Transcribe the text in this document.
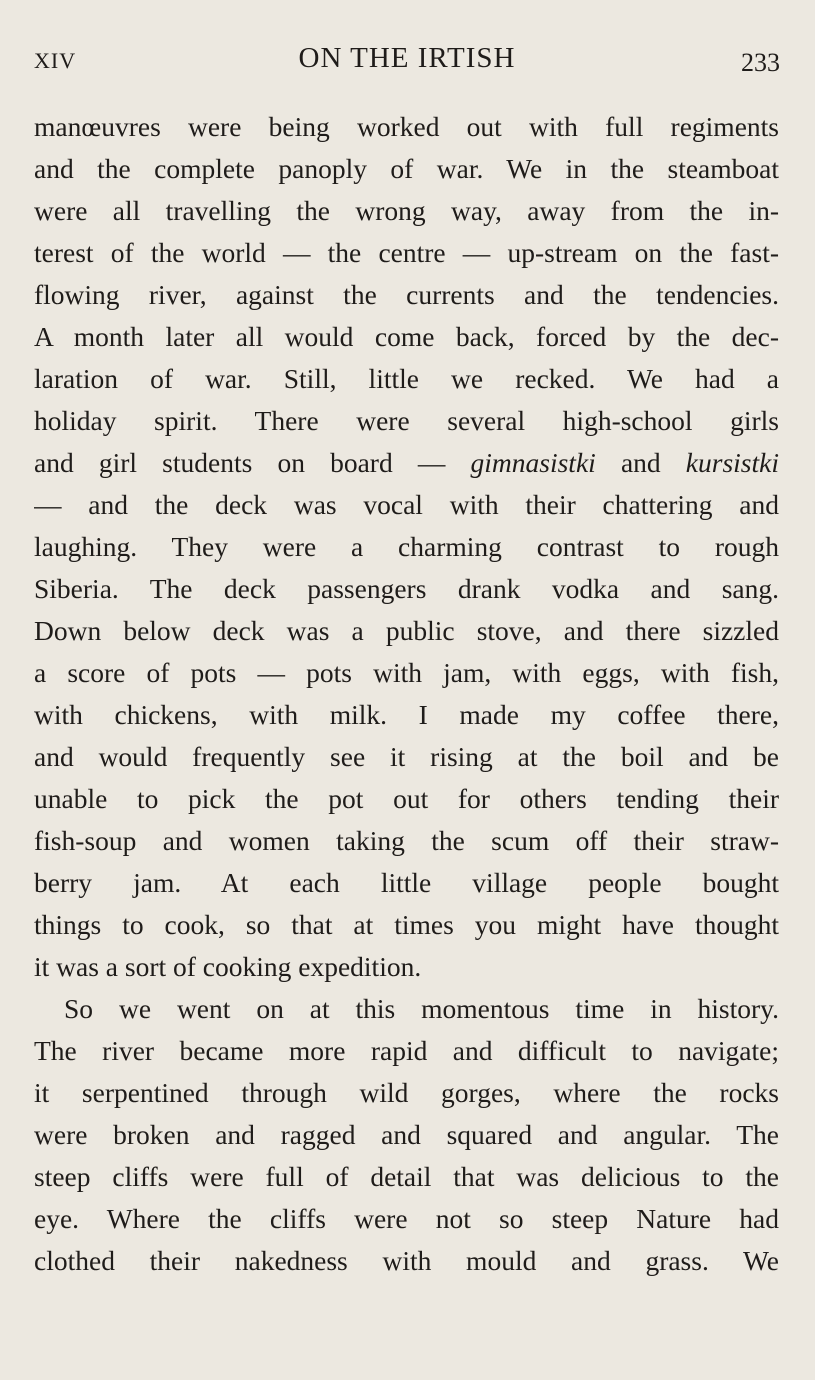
XIV	ON THE IRTISH	233
manœuvres were being worked out with full regiments
and the complete panoply of war. We in the steamboat
were all travelling the wrong way, away from the in-
terest of the world — the centre — up-stream on the fast-
flowing river, against the currents and the tendencies.
A month later all would come back, forced by the dec-
laration of war. Still, little we recked. We had a
holiday spirit. There were several high-school girls
and girl students on board — gimnasistki and kursistki
— and the deck was vocal with their chattering and
laughing. They were a charming contrast to rough
Siberia. The deck passengers drank vodka and sang.
Down below deck was a public stove, and there sizzled
a score of pots — pots with jam, with eggs, with fish,
with chickens, with milk. I made my coffee there,
and would frequently see it rising at the boil and be
unable to pick the pot out for others tending their
fish-soup and women taking the scum off their straw-
berry jam. At each little village people bought
things to cook, so that at times you might have thought
it was a sort of cooking expedition.
So we went on at this momentous time in history.
The river became more rapid and difficult to navigate;
it serpentined through wild gorges, where the rocks
were broken and ragged and squared and angular. The
steep cliffs were full of detail that was delicious to the
eye. Where the cliffs were not so steep Nature had
clothed their nakedness with mould and grass. We
